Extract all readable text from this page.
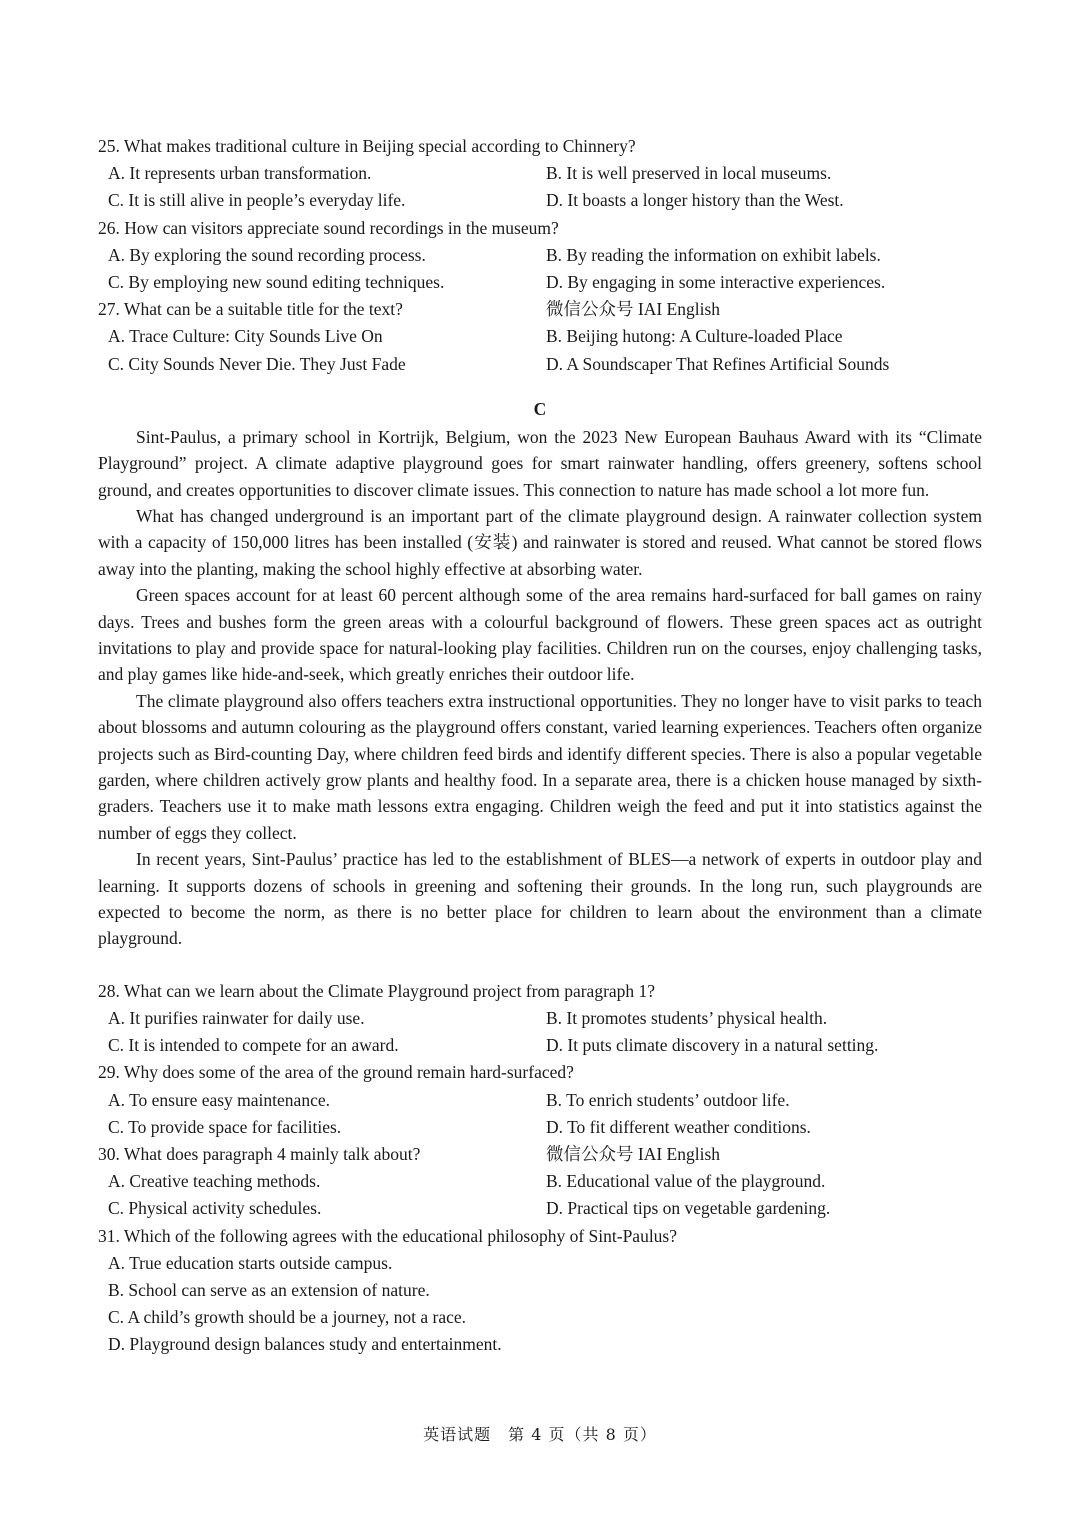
25. What makes traditional culture in Beijing special according to Chinnery?
A. It represents urban transformation.	B. It is well preserved in local museums.
C. It is still alive in people’s everyday life.	D. It boasts a longer history than the West.
26. How can visitors appreciate sound recordings in the museum?
A. By exploring the sound recording process.	B. By reading the information on exhibit labels.
C. By employing new sound editing techniques.	D. By engaging in some interactive experiences.
27. What can be a suitable title for the text?	微信公众号 IAI English
A. Trace Culture: City Sounds Live On	B. Beijing hutong: A Culture-loaded Place
C. City Sounds Never Die. They Just Fade	D. A Soundscaper That Refines Artificial Sounds
C

Sint-Paulus, a primary school in Kortrijk, Belgium, won the 2023 New European Bauhaus Award with its “Climate Playground” project. A climate adaptive playground goes for smart rainwater handling, offers greenery, softens school ground, and creates opportunities to discover climate issues. This connection to nature has made school a lot more fun.

What has changed underground is an important part of the climate playground design. A rainwater collection system with a capacity of 150,000 litres has been installed (安装) and rainwater is stored and reused. What cannot be stored flows away into the planting, making the school highly effective at absorbing water.

Green spaces account for at least 60 percent although some of the area remains hard-surfaced for ball games on rainy days. Trees and bushes form the green areas with a colourful background of flowers. These green spaces act as outright invitations to play and provide space for natural-looking play facilities. Children run on the courses, enjoy challenging tasks, and play games like hide-and-seek, which greatly enriches their outdoor life.

The climate playground also offers teachers extra instructional opportunities. They no longer have to visit parks to teach about blossoms and autumn colouring as the playground offers constant, varied learning experiences. Teachers often organize projects such as Bird-counting Day, where children feed birds and identify different species. There is also a popular vegetable garden, where children actively grow plants and healthy food. In a separate area, there is a chicken house managed by sixth-graders. Teachers use it to make math lessons extra engaging. Children weigh the feed and put it into statistics against the number of eggs they collect.

In recent years, Sint-Paulus’ practice has led to the establishment of BLES—a network of experts in outdoor play and learning. It supports dozens of schools in greening and softening their grounds. In the long run, such playgrounds are expected to become the norm, as there is no better place for children to learn about the environment than a climate playground.

28. What can we learn about the Climate Playground project from paragraph 1?
A. It purifies rainwater for daily use.	B. It promotes students’ physical health.
C. It is intended to compete for an award.	D. It puts climate discovery in a natural setting.
29. Why does some of the area of the ground remain hard-surfaced?
A. To ensure easy maintenance.	B. To enrich students’ outdoor life.
C. To provide space for facilities.	D. To fit different weather conditions.
30. What does paragraph 4 mainly talk about?	微信公众号 IAI English
A. Creative teaching methods.	B. Educational value of the playground.
C. Physical activity schedules.	D. Practical tips on vegetable gardening.
31. Which of the following agrees with the educational philosophy of Sint-Paulus?
A. True education starts outside campus.
B. School can serve as an extension of nature.
C. A child’s growth should be a journey, not a race.
D. Playground design balances study and entertainment.
英语试题　第 4 页（共 8 页）
